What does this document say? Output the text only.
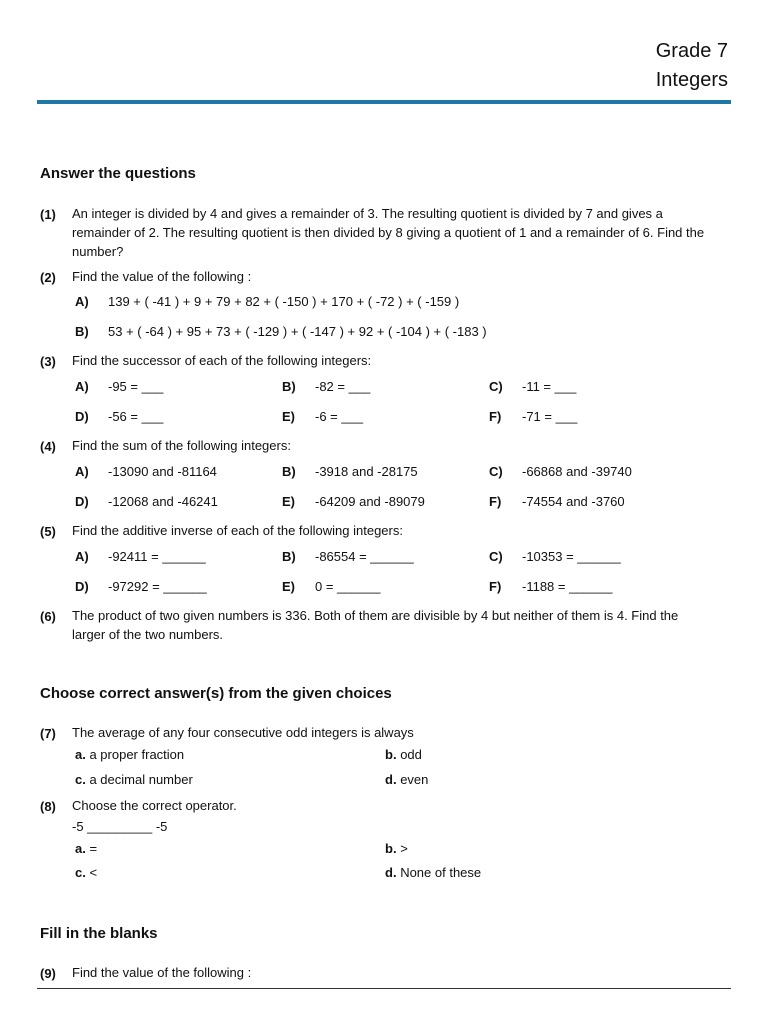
Grade 7
Integers
Answer the questions
(1) An integer is divided by 4 and gives a remainder of 3. The resulting quotient is divided by 7 and gives a remainder of 2. The resulting quotient is then divided by 8 giving a quotient of 1 and a remainder of 6. Find the number?
(2) Find the value of the following :
A) 139 + ( -41 ) + 9 + 79 + 82 + ( -150 ) + 170 + ( -72 ) + ( -159 )
B) 53 + ( -64 ) + 95 + 73 + ( -129 ) + ( -147 ) + 92 + ( -104 ) + ( -183 )
(3) Find the successor of each of the following integers:
A) -95 = ___	B) -82 = ___	C) -11 = ___
D) -56 = ___	E) -6 = ___	F) -71 = ___
(4) Find the sum of the following integers:
A) -13090 and -81164	B) -3918 and -28175	C) -66868 and -39740
D) -12068 and -46241	E) -64209 and -89079	F) -74554 and -3760
(5) Find the additive inverse of each of the following integers:
A) -92411 = ______	B) -86554 = ______	C) -10353 = ______
D) -97292 = ______	E) 0 = ______	F) -1188 = ______
(6) The product of two given numbers is 336. Both of them are divisible by 4 but neither of them is 4. Find the larger of the two numbers.
Choose correct answer(s) from the given choices
(7) The average of any four consecutive odd integers is always
a. a proper fraction	b. odd
c. a decimal number	d. even
(8) Choose the correct operator.
-5 _________ -5
a. =	b. >
c. <	d. None of these
Fill in the blanks
(9) Find the value of the following :
